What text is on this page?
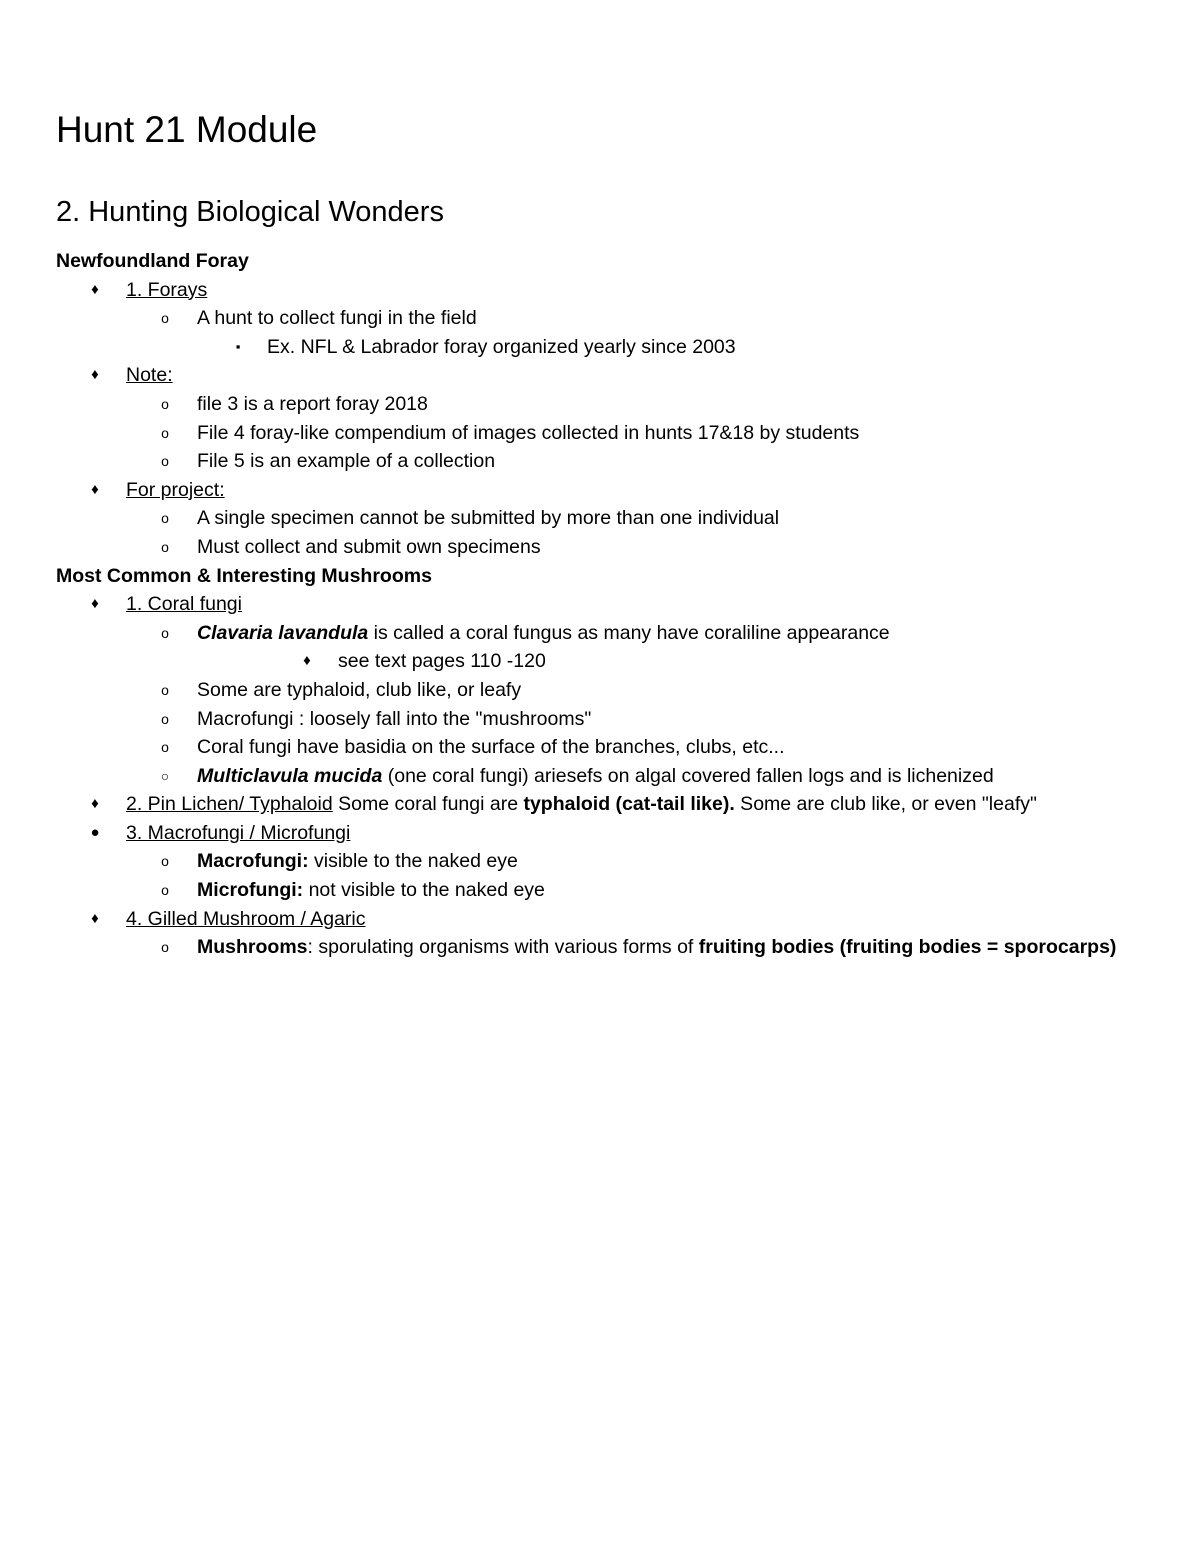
Hunt 21 Module
2. Hunting Biological Wonders
Newfoundland Foray
♦ 1. Forays
ο A hunt to collect fungi in the field
▪	Ex. NFL & Labrador foray organized yearly since 2003
♦ Note:
ο file 3 is a report foray 2018
ο File 4 foray-like compendium of images collected in hunts 17&18 by students
ο File 5 is an example of a collection
♦ For project:
ο A single specimen cannot be submitted by more than one individual
ο Must collect and submit own specimens
Most Common & Interesting Mushrooms
♦ 1. Coral fungi
ο Clavaria lavandula is called a coral fungus as many have coraliline appearance
♦ see text pages 110 -120
ο Some are typhaloid, club like, or leafy
ο Macrofungi : loosely fall into the "mushrooms"
ο Coral fungi have basidia on the surface of the branches, clubs, etc...
○ Multiclavula mucida (one coral fungi) ariesefs on algal covered fallen logs and is lichenized
♦ 2. Pin Lichen/ Typhaloid Some coral fungi are typhaloid (cat-tail like). Some are club like, or even "leafy"
● 3. Macrofungi / Microfungi
ο Macrofungi: visible to the naked eye
ο Microfungi: not visible to the naked eye
♦ 4. Gilled Mushroom / Agaric
ο Mushrooms: sporulating organisms with various forms of fruiting bodies (fruiting bodies = sporocarps)
